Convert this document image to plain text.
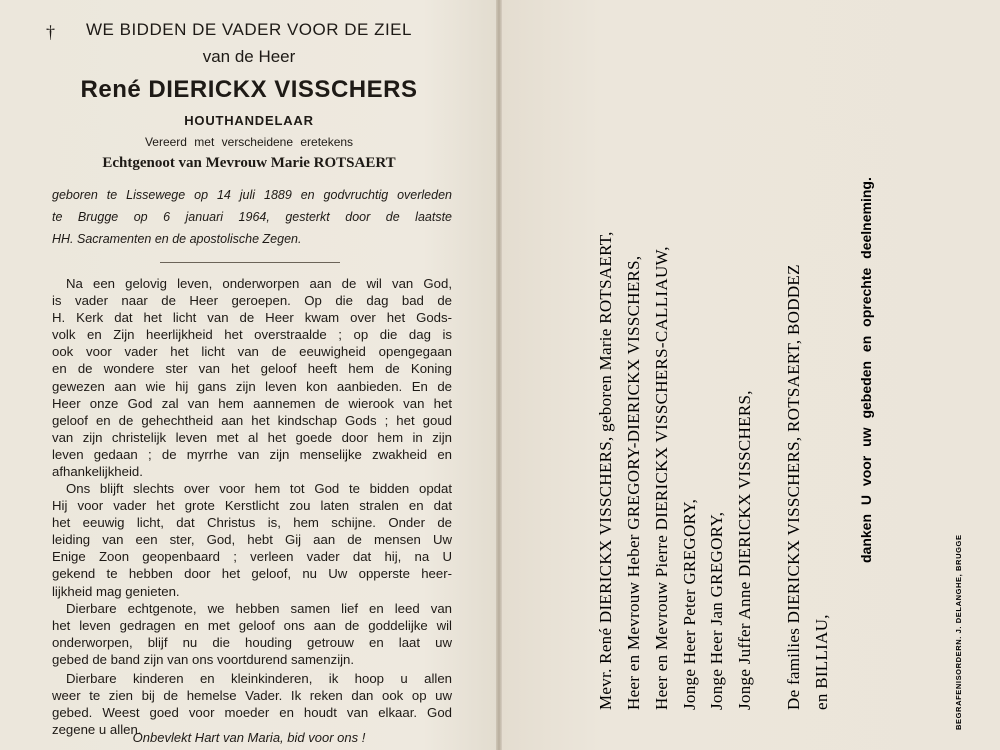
†	WE BIDDEN DE VADER VOOR DE ZIEL
van de Heer
René DIERICKX VISSCHERS
HOUTHANDELAAR
Vereerd met verscheidene eretekens
Echtgenoot van Mevrouw Marie ROTSAERT
geboren te Lissewege op 14 juli 1889 en godvruchtig overleden
te Brugge op 6 januari 1964, gesterkt door de laatste
HH. Sacramenten en de apostolische Zegen.
Na een gelovig leven, onderworpen aan de wil van God,
is vader naar de Heer geroepen. Op die dag bad de
H. Kerk dat het licht van de Heer kwam over het Gods-
volk en Zijn heerlijkheid het overstraalde ; op die dag is
ook voor vader het licht van de eeuwigheid opengegaan
en de wondere ster van het geloof heeft hem de Koning
gewezen aan wie hij gans zijn leven kon aanbieden. En de
Heer onze God zal van hem aannemen de wierook van het
geloof en de gehechtheid aan het kindschap Gods ; het goud
van zijn christelijk leven met al het goede door hem in zijn
leven gedaan ; de myrrhe van zijn menselijke zwakheid en
afhankelijkheid.
Ons blijft slechts over voor hem tot God te bidden opdat
Hij voor vader het grote Kerstlicht zou laten stralen en dat
het eeuwig licht, dat Christus is, hem schijne. Onder de
leiding van een ster, God, hebt Gij aan de mensen Uw
Enige Zoon geopenbaard ; verleen vader dat hij, na U
gekend te hebben door het geloof, nu Uw opperste heer-
lijkheid mag genieten.
Dierbare echtgenote, we hebben samen lief en leed van
het leven gedragen en met geloof ons aan de goddelijke wil
onderworpen, blijf nu die houding getrouw en laat uw
gebed de band zijn van ons voortdurend samenzijn.
Dierbare kinderen en kleinkinderen, ik hoop u allen
weer te zien bij de hemelse Vader. Ik reken dan ook op uw
gebed. Weest goed voor moeder en houdt van elkaar. God
zegene u allen.
Onbevlekt Hart van Maria, bid voor ons !
Mevr. René DIERICKX VISSCHERS, geboren Marie ROTSAERT, Heer en Mevrouw Heber GREGORY-DIERICKX VISSCHERS, Heer en Mevrouw Pierre DIERICKX VISSCHERS-CALLIAUW, Jonge Heer Peter GREGORY, Jonge Heer Jan GREGORY, Jonge Juffer Anne DIERICKX VISSCHERS, De families DIERICKX VISSCHERS, ROTSAERT, BODDEZ en BILLIAU,
danken U voor uw gebeden en oprechte deelneming.
BEGRAFENISORDERN. J. DELANGHE, BRUGGE
